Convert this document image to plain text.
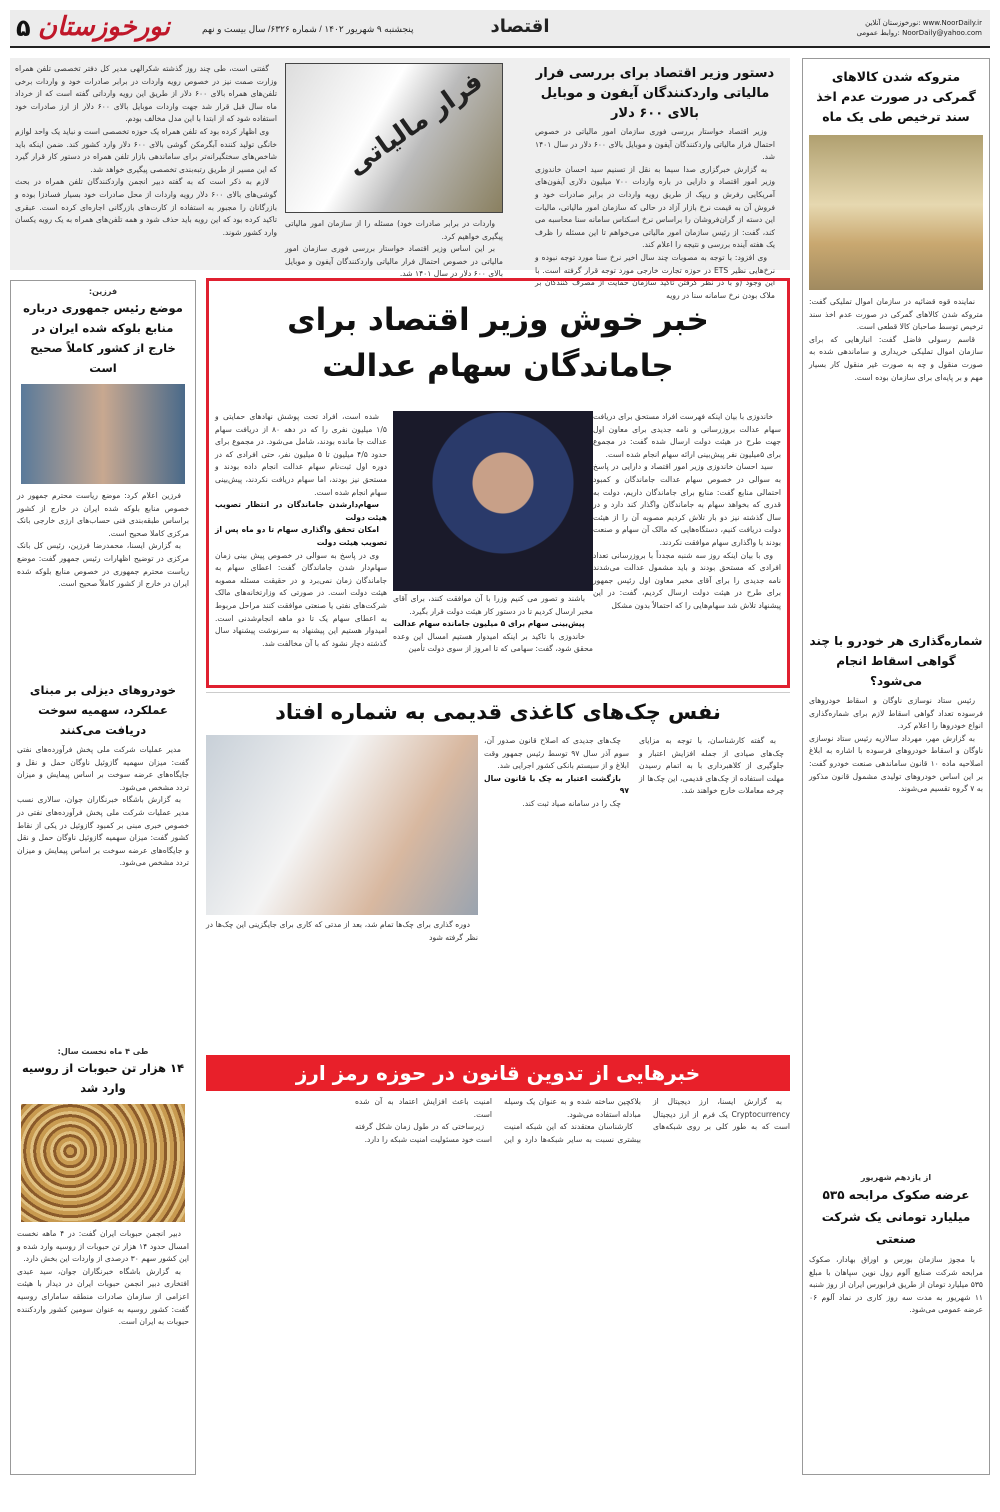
نورخوزستان آنلاین: www.NoorDaily.ir
روابط عمومی: NoorDaily@yahoo.com
اقتصاد
پنجشنبه ۹ شهریور ۱۴۰۲ / شماره ۶۳۲۶/ سال بیست و نهم
نورخوزستان
۵
دستور وزیر اقتصاد برای بررسی فرار مالیاتی واردکنندگان آیفون و موبایل بالای ۶۰۰ دلار

وزیر اقتصاد خواستار بررسی فوری سازمان امور مالیاتی در خصوص احتمال فرار مالیاتی واردکنندگان آیفون و موبایل بالای ۶۰۰ دلار در سال ۱۴۰۱ شد.

به گزارش خبرگزاری صدا سیما به نقل از تسنیم سید احسان خاندوزی وزیر امور اقتصاد و دارایی در باره واردات ۷۰۰ میلیون دلاری آیفون‌های آمریکایی رفرش و ریپک از طریق رویه واردات در برابر صادرات خود و فروش آن به قیمت نرخ بازار آزاد در حالی که سازمان امور مالیاتی، مالیات این دسته از گران‌فروشان را براساس نرخ اسکناس سامانه سنا محاسبه می کند، گفت: از رئیس سازمان امور مالیاتی می‌خواهم تا این مسئله را ظرف یک هفته آینده بررسی و نتیجه را اعلام کند.

وی افزود: با توجه به مصوبات چند سال اخیر نرخ سنا مورد توجه نبوده و نرخ‌هایی نظیر ETS در حوزه تجارت خارجی مورد توجه قرار گرفته است. با این وجود (و با در نظر گرفتن تاکید سازمان حمایت از مصرف کنندگان بر ملاک بودن نرخ سامانه سنا در رویه

فرار مالیاتی

واردات در برابر صادرات خود) مسئله را از سازمان امور مالیاتی پیگیری خواهیم کرد.

بر این اساس وزیر اقتصاد خواستار بررسی فوری سازمان امور مالیاتی در خصوص احتمال فرار مالیاتی واردکنندگان آیفون و موبایل بالای ۶۰۰ دلار در سال ۱۴۰۱ شد.

گفتنی است، طی چند روز گذشته شکرالهی مدیر کل دفتر تخصصی تلفن همراه وزارت صمت نیز در خصوص رویه واردات در برابر صادرات خود و واردات برخی تلفن‌های همراه بالای ۶۰۰ دلار از طریق این رویه وارداتی گفته است که از خرداد ماه سال قبل قرار شد جهت واردات موبایل بالای ۶۰۰ دلار از ارز صادرات خود استفاده شود که از ابتدا با این مدل مخالف بودم.

وی اظهار کرده بود که تلفن همراه یک حوزه تخصصی است و نباید یک واحد لوازم خانگی تولید کننده آبگرمکن گوشی بالای ۶۰۰ دلار وارد کشور کند. ضمن اینکه باید شاخص‌های سختگیرانه‌تر برای ساماندهی بازار تلفن همراه در دستور کار قرار گیرد که این مسیر از طریق رتبه‌بندی تخصصی پیگیری خواهد شد.

لازم به ذکر است که به گفته دبیر انجمن واردکنندگان تلفن همراه در بحث گوشی‌های بالای ۶۰۰ دلار رویه واردات از محل صادرات خود بسیار فسادزا بوده و بازرگانان را مجبور به استفاده از کارت‌های بازرگانی اجاره‌ای کرده است. عبقری تاکید کرده بود که این رویه باید حذف شود و همه تلفن‌های همراه به یک رویه یکسان وارد کشور شوند.

متروکه شدن کالاهای گمرکی در صورت عدم اخذ سند ترخیص طی یک ماه

نماینده قوه قضائیه در سازمان اموال تملیکی گفت: متروکه شدن کالاهای گمرکی در صورت عدم اخذ سند ترخیص توسط صاحبان کالا قطعی است.

قاسم رسولی فاضل گفت: انبارهایی که برای سازمان اموال تملیکی خریداری و ساماندهی شده به صورت منقول و چه به صورت غیر منقول کار بسیار مهم و بر پایه‌ای برای سازمان بوده است.

شماره‌گذاری هر خودرو با چند گواهی اسقاط انجام می‌شود؟

رئیس ستاد نوسازی ناوگان و اسقاط خودروهای فرسوده تعداد گواهی اسقاط لازم برای شماره‌گذاری انواع خودروها را اعلام کرد.

به گزارش مهر، مهرداد سالاریه رئیس ستاد نوسازی ناوگان و اسقاط خودروهای فرسوده با اشاره به ابلاغ اصلاحیه ماده ۱۰ قانون ساماندهی صنعت خودرو گفت: بر این اساس خودروهای تولیدی مشمول قانون مذکور به ۷ گروه تقسیم می‌شوند.

از یازدهم شهریور
عرضه صکوک مرابحه ۵۳۵ میلیارد تومانی یک شرکت صنعتی

با مجوز سازمان بورس و اوراق بهادار، صکوک مرابحه شرکت صنایع آلوم رول نوین سپاهان با مبلغ ۵۳۵ میلیارد تومان از طریق فرابورس ایران از روز شنبه ۱۱ شهریور به مدت سه روز کاری در نماد آلوم ۰۶ عرضه عمومی می‌شود.

فرزین:
موضع رئیس جمهوری درباره منابع بلوکه شده ایران در خارج از کشور کاملاً صحیح است

فرزین اعلام کرد: موضع ریاست محترم جمهور در خصوص منابع بلوکه شده ایران در خارج از کشور براساس طبقه‌بندی فنی حساب‌های ارزی خارجی بانک مرکزی کاملا صحیح است.

به گزارش ایسنا، محمدرضا فرزین، رئیس کل بانک مرکزی در توضیح اظهارات رئیس جمهور گفت: موضع ریاست محترم جمهوری در خصوص منابع بلوکه شده ایران در خارج از کشور کاملاً صحیح است.

خودروهای دیزلی بر مبنای عملکرد، سهمیه سوخت دریافت می‌کنند

مدیر عملیات شرکت ملی پخش فرآورده‌های نفتی گفت: میزان سهمیه گازوئیل ناوگان حمل و نقل و جایگاه‌های عرضه سوخت بر اساس پیمایش و میزان تردد مشخص می‌شود.

به گزارش باشگاه خبرنگاران جوان، سالاری نسب مدیر عملیات شرکت ملی پخش فرآورده‌های نفتی در خصوص خبری مبنی بر کمبود گازوئیل در یکی از نقاط کشور گفت: میزان سهمیه گازوئیل ناوگان حمل و نقل و جایگاه‌های عرضه سوخت بر اساس پیمایش و میزان تردد مشخص می‌شود.

طی ۴ ماه نخست سال:
۱۴ هزار تن حبوبات از روسیه وارد شد

دبیر انجمن حبوبات ایران گفت: در ۴ ماهه نخست امسال حدود ۱۴ هزار تن حبوبات از روسیه وارد شده و این کشور سهم ۳۰ درصدی از واردات این بخش دارد.

به گزارش باشگاه خبرنگاران جوان، سید عبدی افتخاری دبیر انجمن حبوبات ایران در دیدار با هیئت اعزامی از سازمان صادرات منطقه سامارای روسیه گفت: کشور روسیه به عنوان سومین کشور واردکننده حبوبات به ایران است.

خبر خوش وزیر اقتصاد برای
جاماندگان سهام عدالت

خاندوزی با بیان اینکه فهرست افراد مستحق برای دریافت سهام عدالت بروزرسانی و نامه جدیدی برای معاون اول جهت طرح در هیئت دولت ارسال شده گفت: در مجموع برای ۵میلیون نفر پیش‌بینی ارائه سهام انجام شده است.

سید احسان خاندوزی وزیر امور اقتصاد و دارایی در پاسخ به سوالی در خصوص سهام عدالت جاماندگان و کمبود احتمالی منابع گفت: منابع برای جاماندگان داریم، دولت به قدری که بخواهد سهام به جاماندگان واگذار کند دارد و در سال گذشته نیز دو بار تلاش کردیم مصوبه آن را از هیئت دولت دریافت کنیم، دستگاه‌هایی که مالک آن سهام و صنعت بودند با واگذاری سهام موافقت نکردند.

وی با بیان اینکه روز سه شنبه مجدداً با بروزرسانی تعداد افرادی که مستحق بودند و باید مشمول عدالت می‌شدند نامه جدیدی را برای آقای مخبر معاون اول رئیس جمهور برای طرح در هیئت دولت ارسال کردیم، گفت: در این پیشنهاد تلاش شد سهام‌هایی را که احتمالاً بدون مشکل

باشند و تصور می کنیم وزرا با آن موافقت کنند، برای آقای مخبر ارسال کردیم تا در دستور کار هیئت دولت قرار بگیرد.

پیش‌بینی سهام برای ۵ میلیون جامانده سهام عدالت

خاندوزی با تاکید بر اینکه امیدوار هستیم امسال این وعده محقق شود، گفت: سهامی که تا امروز از سوی دولت تأمین

شده است، افراد تحت پوشش نهادهای حمایتی و ۱/۵ میلیون نفری را که در دهه ۸۰ از دریافت سهام عدالت جا مانده بودند، شامل می‌شود. در مجموع برای حدود ۴/۵ میلیون تا ۵ میلیون نفر، حتی افرادی که در دوره اول ثبت‌نام سهام عدالت انجام داده بودند و مستحق نیز بودند، اما سهام دریافت نکردند، پیش‌بینی سهام انجام شده است.

سهام‌دارشدن جاماندگان در انتظار تصویب هیئت دولت

امکان تحقق واگذاری سهام تا دو ماه پس از تصویب هیئت دولت

وی در پاسخ به سوالی در خصوص پیش بینی زمان سهام‌دار شدن جاماندگان گفت: اعطای سهام به جاماندگان زمان نمی‌برد و در حقیقت مسئله مصوبه هیئت دولت است. در صورتی که وزارتخانه‌های مالک شرکت‌های نفتی یا صنعتی موافقت کنند مراحل مربوط به اعطای سهام یک تا دو ماهه انجام‌شدنی است. امیدوار هستیم این پیشنهاد به سرنوشت پیشنهاد سال گذشته دچار نشود که با آن مخالفت شد.

نفس چک‌های کاغذی قدیمی به شماره افتاد

به گفته کارشناسان، با توجه به مزایای چک‌های صیادی از جمله افزایش اعتبار و جلوگیری از کلاهبرداری با به اتمام رسیدن مهلت استفاده از چک‌های قدیمی، این چک‌ها از چرخه معاملات خارج خواهند شد.

چک‌های جدیدی که اصلاح قانون صدور آن، سوم آذر سال ۹۷ توسط رئیس جمهور وقت ابلاغ و از سیستم بانکی کشور اجرایی شد.

بازگشت اعتبار به چک با قانون سال ۹۷

چک را در سامانه صیاد ثبت کند.

دوره گذاری برای چک‌ها تمام شد، بعد از مدتی که کاری برای جایگزینی این چک‌ها در نظر گرفته شود

خبرهایی از تدوین قانون در حوزه رمز ارز

به گزارش ایسنا، ارز دیجیتال از Cryptocurrency یک فرم از ارز دیجیتال است که به طور کلی بر روی شبکه‌های بلاکچین ساخته شده و به عنوان یک وسیله مبادله استفاده می‌شود.

کارشناسان معتقدند که این شبکه امنیت بیشتری نسبت به سایر شبکه‌ها دارد و این امنیت باعث افزایش اعتماد به آن شده است.

زیرساختی که در طول زمان شکل گرفته است خود مسئولیت امنیت شبکه را دارد.
